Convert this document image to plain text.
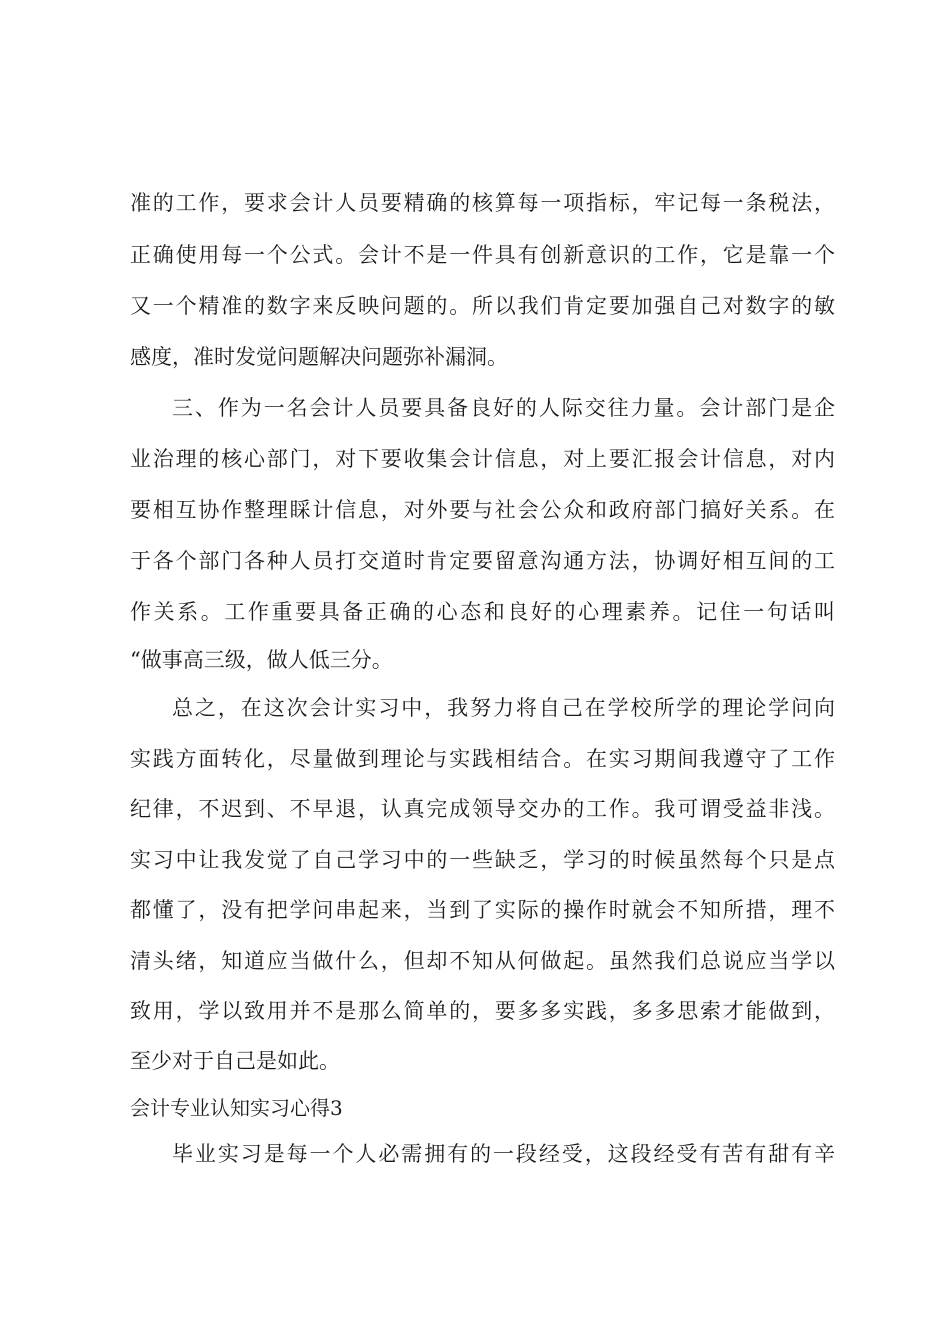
准的工作，要求会计人员要精确的核算每一项指标，牢记每一条税法，
正确使用每一个公式。会计不是一件具有创新意识的工作，它是靠一个
又一个精准的数字来反映问题的。所以我们肯定要加强自己对数字的敏
感度，准时发觉问题解决问题弥补漏洞。
三、作为一名会计人员要具备良好的人际交往力量。会计部门是企
业治理的核心部门，对下要收集会计信息，对上要汇报会计信息，对内
要相互协作整理睬计信息，对外要与社会公众和政府部门搞好关系。在
于各个部门各种人员打交道时肯定要留意沟通方法，协调好相互间的工
作关系。工作重要具备正确的心态和良好的心理素养。记住一句话叫
“做事高三级，做人低三分。
总之，在这次会计实习中，我努力将自己在学校所学的理论学问向
实践方面转化，尽量做到理论与实践相结合。在实习期间我遵守了工作
纪律，不迟到、不早退，认真完成领导交办的工作。我可谓受益非浅。
实习中让我发觉了自己学习中的一些缺乏，学习的时候虽然每个只是点
都懂了，没有把学问串起来，当到了实际的操作时就会不知所措，理不
清头绪，知道应当做什么，但却不知从何做起。虽然我们总说应当学以
致用，学以致用并不是那么简单的，要多多实践，多多思索才能做到，
至少对于自己是如此。
会计专业认知实习心得3
毕业实习是每一个人必需拥有的一段经受，这段经受有苦有甜有辛
